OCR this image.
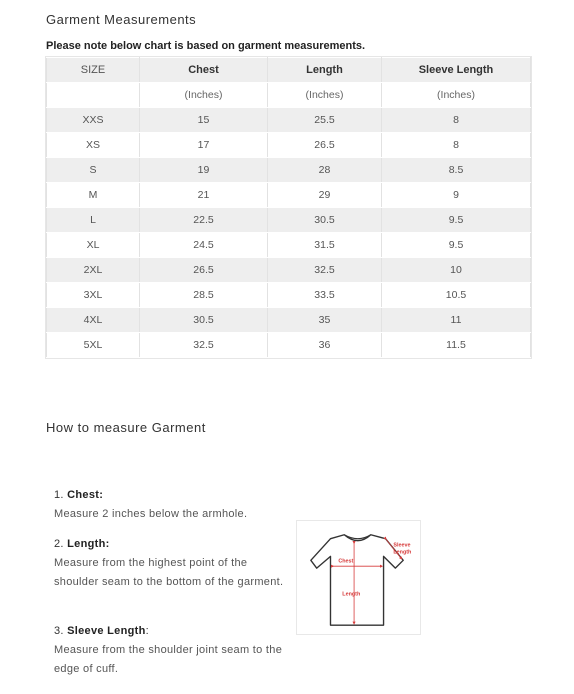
Garment Measurements
Please note below chart is based on garment measurements.
SIZE	Chest	Length	Sleeve Length
	(Inches)	(Inches)	(Inches)
XXS	15	25.5	8
XS	17	26.5	8
S	19	28	8.5
M	21	29	9
L	22.5	30.5	9.5
XL	24.5	31.5	9.5
2XL	26.5	32.5	10
3XL	28.5	33.5	10.5
4XL	30.5	35	11
5XL	32.5	36	11.5
How to measure Garment
1. Chest:
Measure 2 inches below the armhole.
2. Length:
Measure from the highest point of the shoulder seam to the bottom of the garment.
3. Sleeve Length:
Measure from the shoulder joint seam to the edge of cuff.
Chest
Length
Sleeve
Length
